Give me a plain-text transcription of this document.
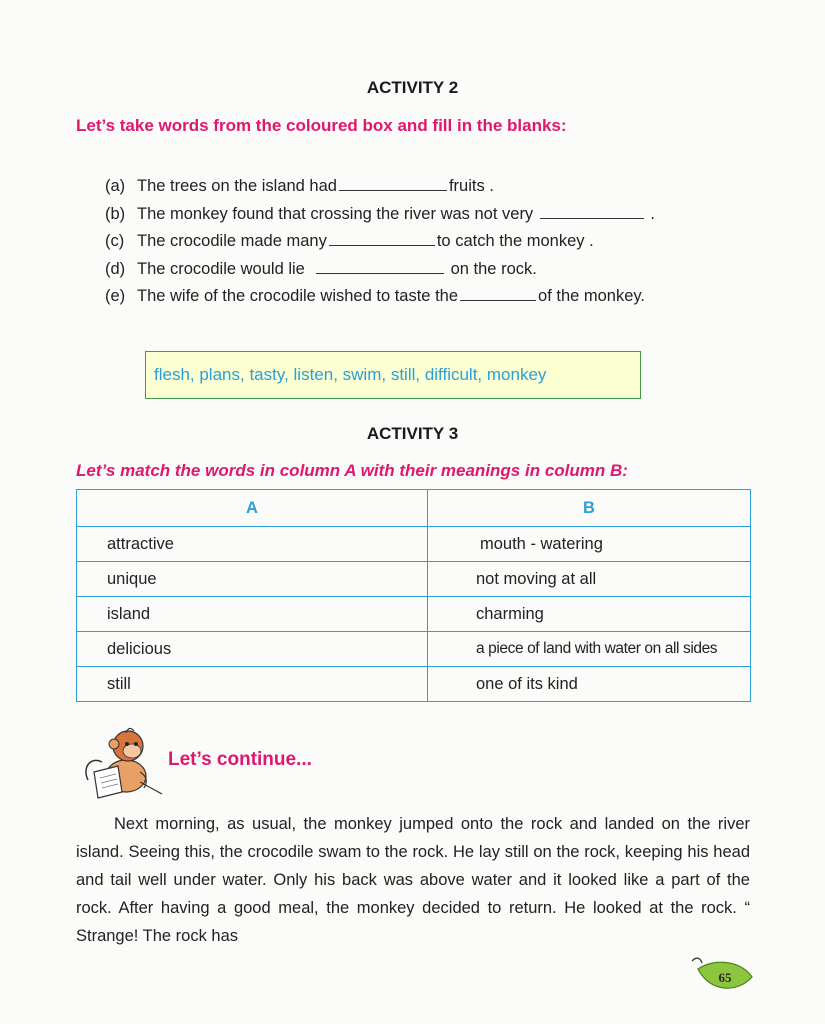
ACTIVITY 2
Let’s take words from the coloured box and fill in the blanks:
(a) The trees on the island had	fruits .
(b) The monkey found that crossing the river was not very	.
(c) The crocodile made many	to catch the monkey .
(d) The crocodile would lie	on the rock.
(e) The wife of the crocodile wished to taste the	of the monkey.
flesh, plans, tasty, listen, swim, still, difficult, monkey
ACTIVITY 3
Let’s match the words in column A with their meanings in column B:
A	B
attractive	mouth - watering
unique	not moving at all
island	charming
delicious	a piece of land with water on all sides
still	one of its kind
Let’s continue...

Next morning, as usual, the monkey jumped onto the rock and landed on the river island. Seeing this, the crocodile swam to the rock. He lay still on the rock, keeping his head and tail well under water. Only his back was above water and it looked like a part of the rock. After having a good meal, the monkey decided to return. He looked at the rock. “ Strange! The rock has

65
